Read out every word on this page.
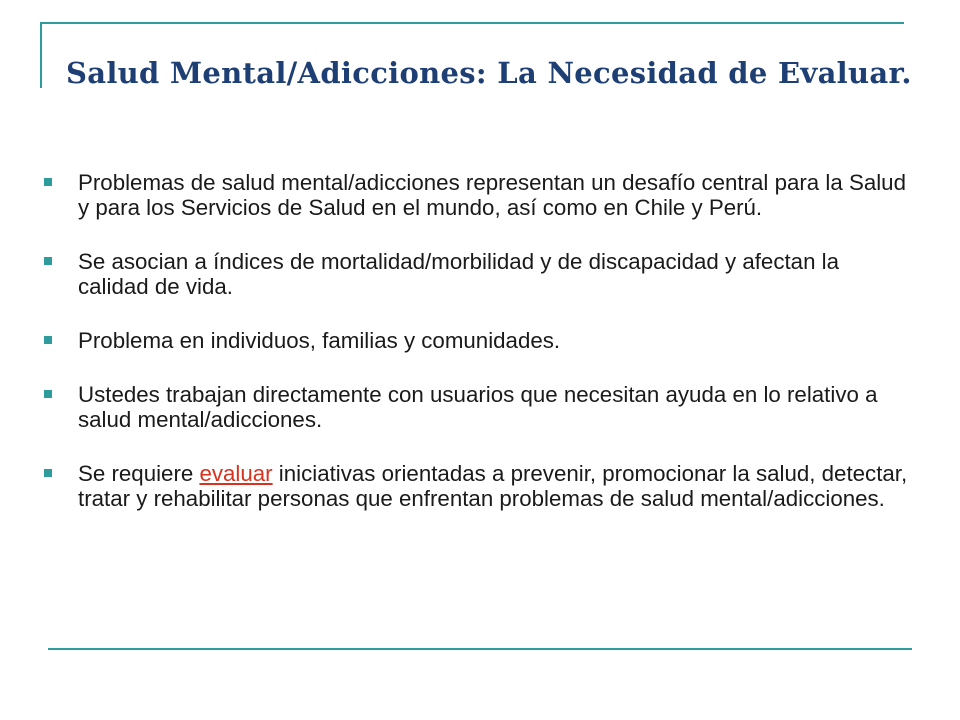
Salud Mental/Adicciones: La Necesidad de Evaluar.
Problemas de salud mental/adicciones representan un desafío central para la Salud y para los Servicios de Salud en el mundo, así como en Chile y Perú.
Se asocian a índices de mortalidad/morbilidad y de discapacidad y afectan la calidad de vida.
Problema en individuos, familias y comunidades.
Ustedes trabajan directamente con usuarios que necesitan ayuda en lo relativo a salud mental/adicciones.
Se requiere evaluar iniciativas orientadas a prevenir, promocionar la salud, detectar, tratar y rehabilitar personas que enfrentan problemas de salud mental/adicciones.
